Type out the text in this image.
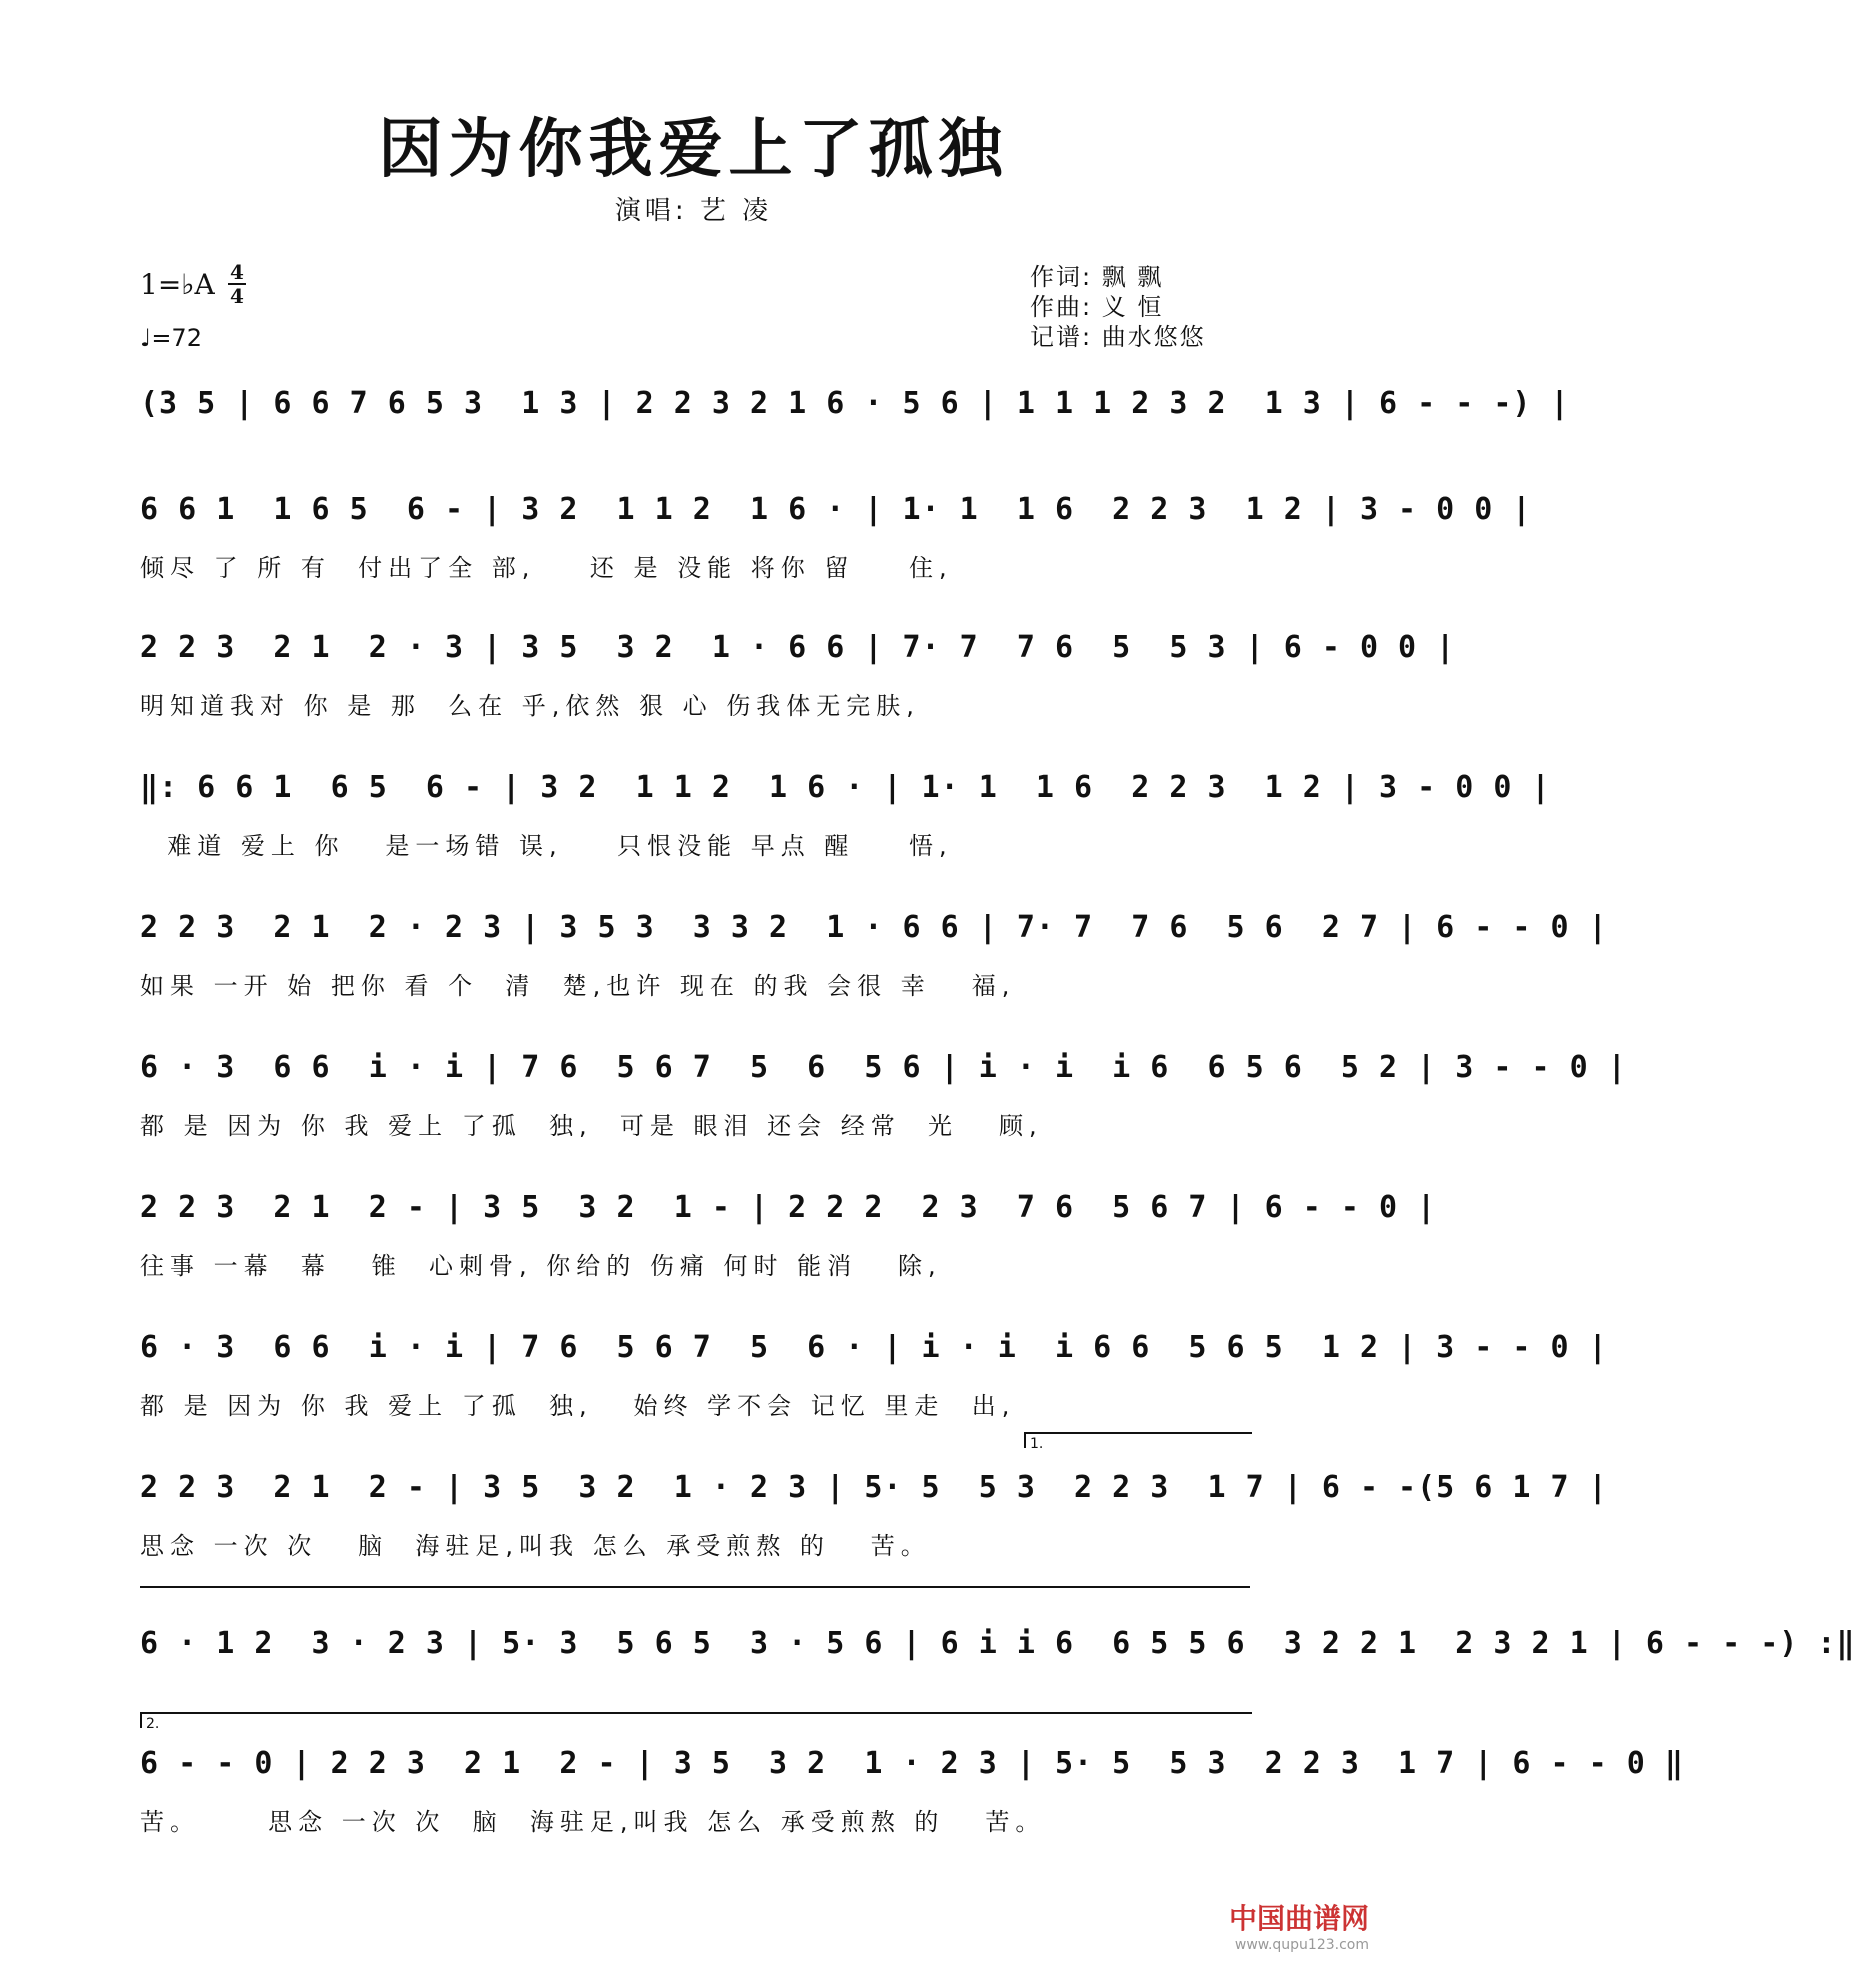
因为你我爱上了孤独
演唱: 艺 凌
1=♭A 4
4
♩=72
作词: 飘 飘
作曲: 义 恒
记谱: 曲水悠悠
(3 5 | 6 6 7 6 5 3  1 3 | 2 2 3 2 1 6 · 5 6 | 1 1 1 2 3 2  1 3 | 6 - - -) |
6 6 1  1 6 5  6 - | 3 2  1 1 2  1 6 · | 1· 1  1 6  2 2 3  1 2 | 3 - 0 0 |
倾尽 了 所 有  付出了全 部,    还 是 没能 将你 留    住,
2 2 3  2 1  2 · 3 | 3 5  3 2  1 · 6 6 | 7· 7  7 6  5  5 3 | 6 - 0 0 |
明知道我对 你 是 那  么在 乎,依然 狠 心 伤我体无完肤,
‖: 6 6 1  6 5  6 - | 3 2  1 1 2  1 6 · | 1· 1  1 6  2 2 3  1 2 | 3 - 0 0 |
难道 爱上 你   是一场错 误,    只恨没能 早点 醒    悟,
2 2 3  2 1  2 · 2 3 | 3 5 3  3 3 2  1 · 6 6 | 7· 7  7 6  5 6  2 7 | 6 - - 0 |
如果 一开 始 把你 看 个  清  楚,也许 现在 的我 会很 幸   福,
6 · 3  6 6  i · i | 7 6  5 6 7  5  6  5 6 | i · i  i 6  6 5 6  5 2 | 3 - - 0 |
都 是 因为 你 我 爱上 了孤  独,  可是 眼泪 还会 经常  光   顾,
2 2 3  2 1  2 - | 3 5  3 2  1 - | 2 2 2  2 3  7 6  5 6 7 | 6 - - 0 |
往事 一幕  幕   锥  心刺骨, 你给的 伤痛 何时 能消   除,
6 · 3  6 6  i · i | 7 6  5 6 7  5  6 · | i · i  i 6 6  5 6 5  1 2 | 3 - - 0 |
都 是 因为 你 我 爱上 了孤  独,   始终 学不会 记忆 里走  出,
1.
2 2 3  2 1  2 - | 3 5  3 2  1 · 2 3 | 5· 5  5 3  2 2 3  1 7 | 6 - -(5 6 1 7 |
思念 一次 次   脑  海驻足,叫我 怎么 承受煎熬 的   苦。
6 · 1 2  3 · 2 3 | 5· 3  5 6 5  3 · 5 6 | 6 i i 6  6 5 5 6  3 2 2 1  2 3 2 1 | 6 - - -) :‖
2.
6 - - 0 | 2 2 3  2 1  2 - | 3 5  3 2  1 · 2 3 | 5· 5  5 3  2 2 3  1 7 | 6 - - 0 ‖
苦。     思念 一次 次  脑  海驻足,叫我 怎么 承受煎熬 的   苦。
中国曲谱网
www.qupu123.com
